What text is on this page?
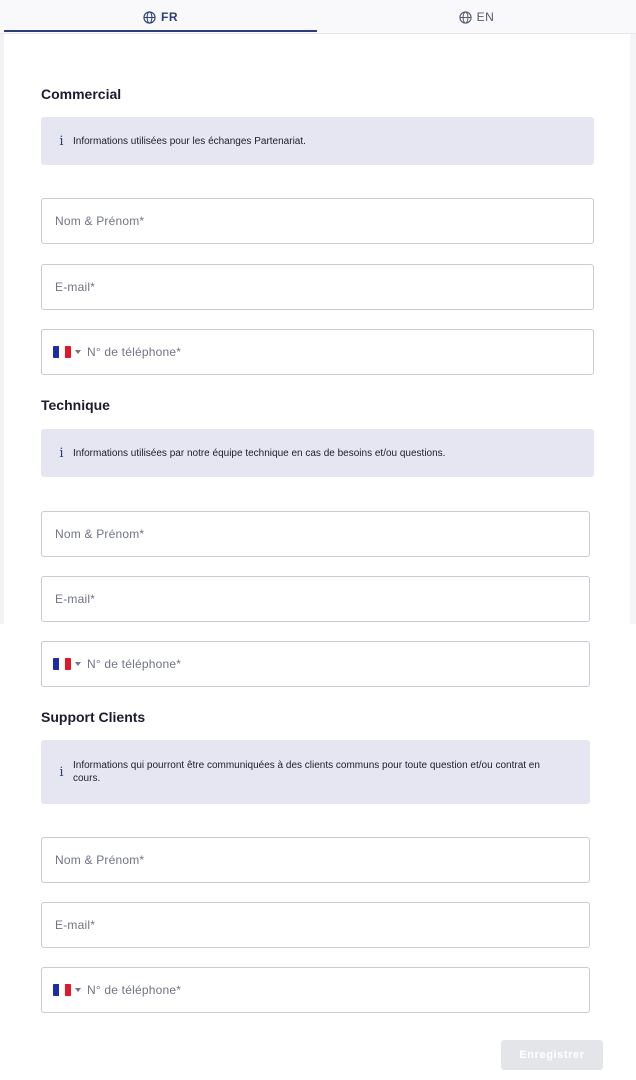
FR	EN
Commercial
i Informations utilisées pour les échanges Partenariat.
Nom & Prénom*
E-mail*
N° de téléphone*
Technique
i Informations utilisées par notre équipe technique en cas de besoins et/ou questions.
Nom & Prénom*
E-mail*
N° de téléphone*
Support Clients
i Informations qui pourront être communiquées à des clients communs pour toute question et/ou contrat en cours.
Nom & Prénom*
E-mail*
N° de téléphone*
Enregistrer
